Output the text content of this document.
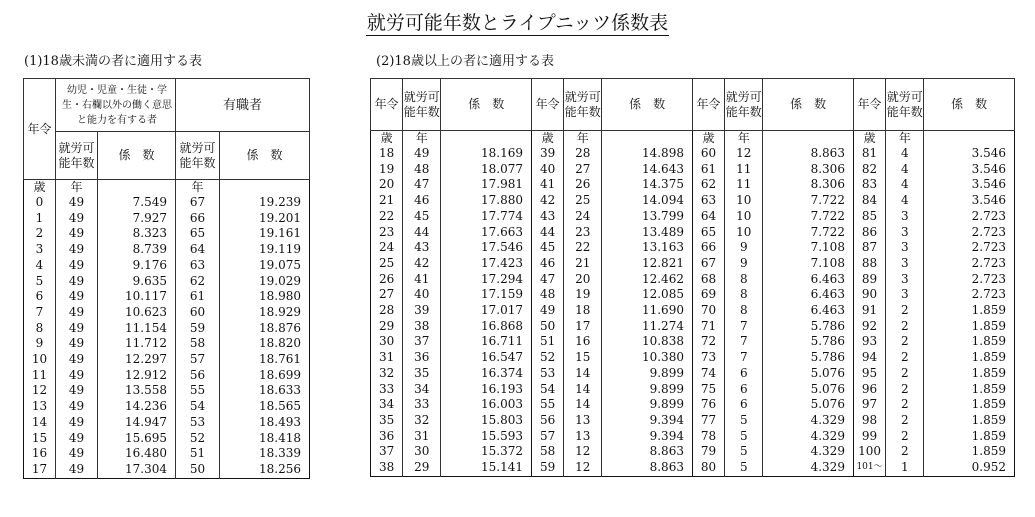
就労可能年数とライプニッツ係数表
(1)18歳未満の者に適用する表	(2)18歳以上の者に適用する表
年令	幼児・児童・生徒・学生・右欄以外の働く意思と能力を有する者		有職者	
	就労可能年数	係　数	就労可能年数	係　数
歳	年		年	
0	49	7.549	67	19.239
1	49	7.927	66	19.201
2	49	8.323	65	19.161
3	49	8.739	64	19.119
4	49	9.176	63	19.075
5	49	9.635	62	19.029
6	49	10.117	61	18.980
7	49	10.623	60	18.929
8	49	11.154	59	18.876
9	49	11.712	58	18.820
10	49	12.297	57	18.761
11	49	12.912	56	18.699
12	49	13.558	55	18.633
13	49	14.236	54	18.565
14	49	14.947	53	18.493
15	49	15.695	52	18.418
16	49	16.480	51	18.339
17	49	17.304	50	18.256
年令	就労可能年数	係　数	年令	就労可能年数	係　数	年令	就労可能年数	係　数	年令	就労可能年数	係　数
歳	年		歳	年		歳	年		歳	年	
18	49	18.169	39	28	14.898	60	12	8.863	81	4	3.546
19	48	18.077	40	27	14.643	61	11	8.306	82	4	3.546
20	47	17.981	41	26	14.375	62	11	8.306	83	4	3.546
21	46	17.880	42	25	14.094	63	10	7.722	84	4	3.546
22	45	17.774	43	24	13.799	64	10	7.722	85	3	2.723
23	44	17.663	44	23	13.489	65	10	7.722	86	3	2.723
24	43	17.546	45	22	13.163	66	9	7.108	87	3	2.723
25	42	17.423	46	21	12.821	67	9	7.108	88	3	2.723
26	41	17.294	47	20	12.462	68	8	6.463	89	3	2.723
27	40	17.159	48	19	12.085	69	8	6.463	90	3	2.723
28	39	17.017	49	18	11.690	70	8	6.463	91	2	1.859
29	38	16.868	50	17	11.274	71	7	5.786	92	2	1.859
30	37	16.711	51	16	10.838	72	7	5.786	93	2	1.859
31	36	16.547	52	15	10.380	73	7	5.786	94	2	1.859
32	35	16.374	53	14	9.899	74	6	5.076	95	2	1.859
33	34	16.193	54	14	9.899	75	6	5.076	96	2	1.859
34	33	16.003	55	14	9.899	76	6	5.076	97	2	1.859
35	32	15.803	56	13	9.394	77	5	4.329	98	2	1.859
36	31	15.593	57	13	9.394	78	5	4.329	99	2	1.859
37	30	15.372	58	12	8.863	79	5	4.329	100	2	1.859
38	29	15.141	59	12	8.863	80	5	4.329	101～	1	0.952
